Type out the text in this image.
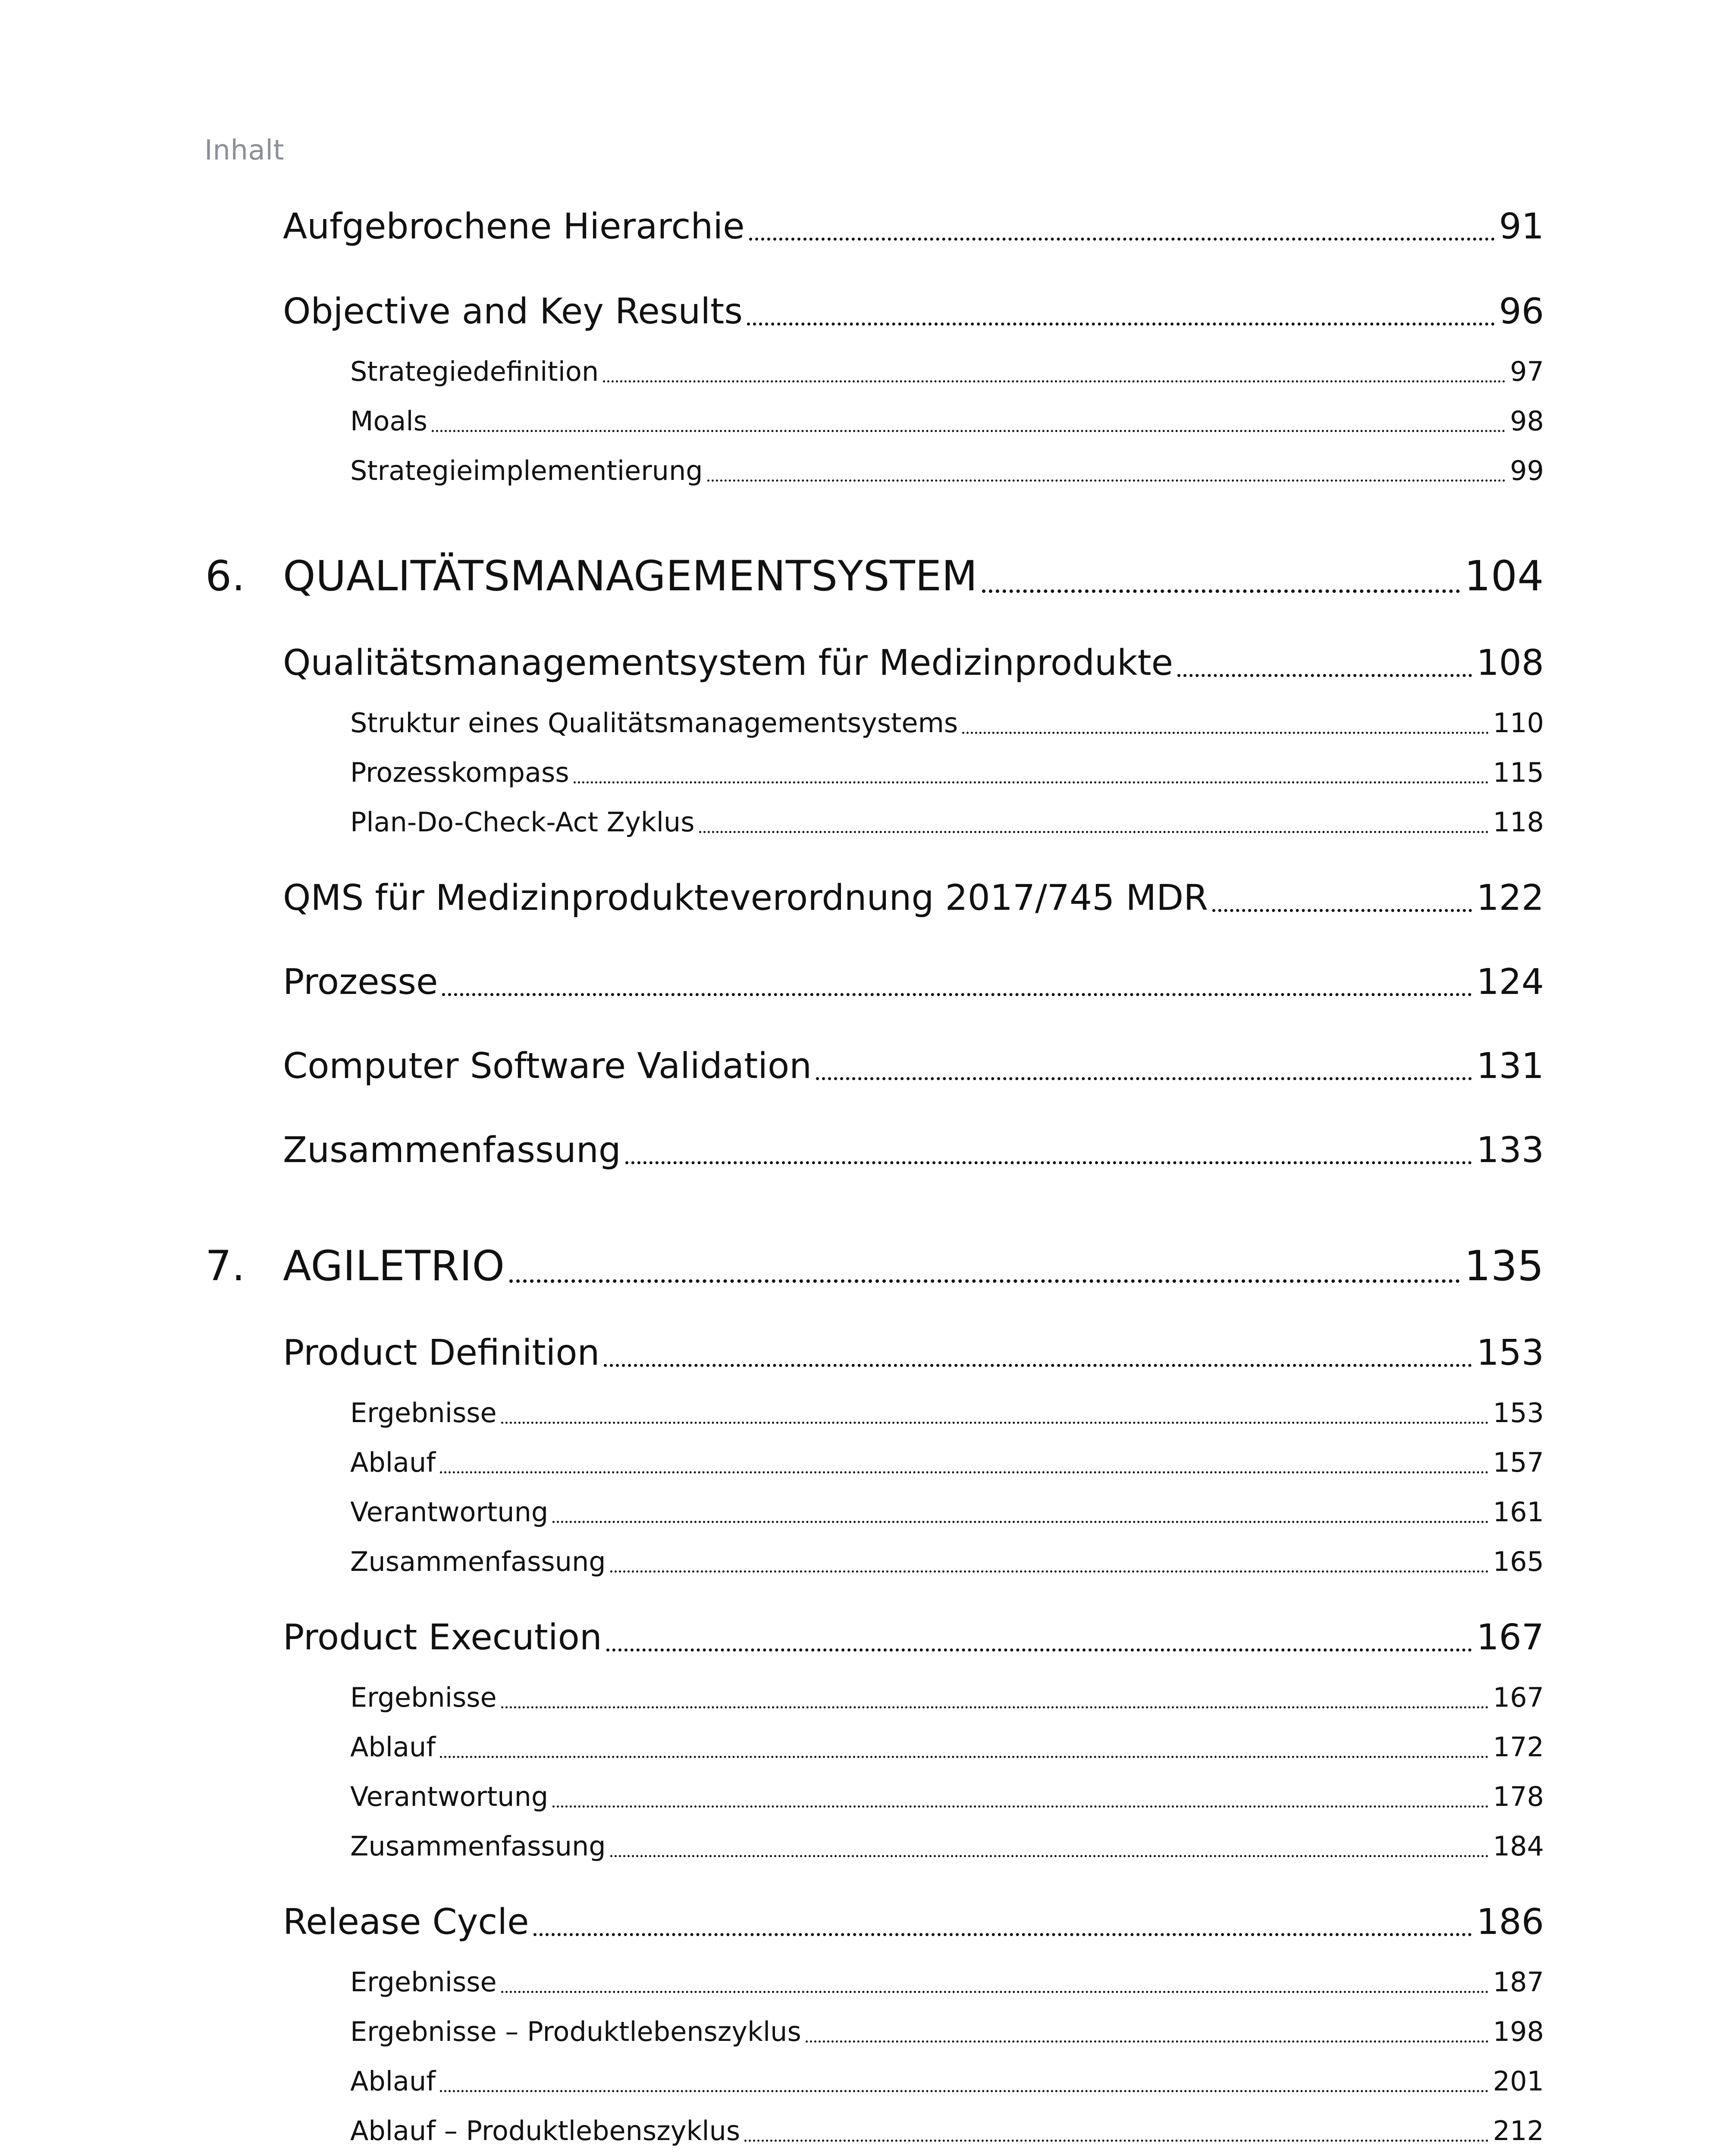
Inhalt
Aufgebrochene Hierarchie	91
Objective and Key Results	96
Strategiedefinition	97
Moals	98
Strategieimplementierung	99
6. QUALITÄTSMANAGEMENTSYSTEM	104
Qualitätsmanagementsystem für Medizinprodukte	108
Struktur eines Qualitätsmanagementsystems	110
Prozesskompass	115
Plan-Do-Check-Act Zyklus	118
QMS für Medizinprodukteverordnung 2017/745 MDR	122
Prozesse	124
Computer Software Validation	131
Zusammenfassung	133
7. AGILETRIO	135
Product Definition	153
Ergebnisse	153
Ablauf	157
Verantwortung	161
Zusammenfassung	165
Product Execution	167
Ergebnisse	167
Ablauf	172
Verantwortung	178
Zusammenfassung	184
Release Cycle	186
Ergebnisse	187
Ergebnisse – Produktlebenszyklus	198
Ablauf	201
Ablauf – Produktlebenszyklus	212
